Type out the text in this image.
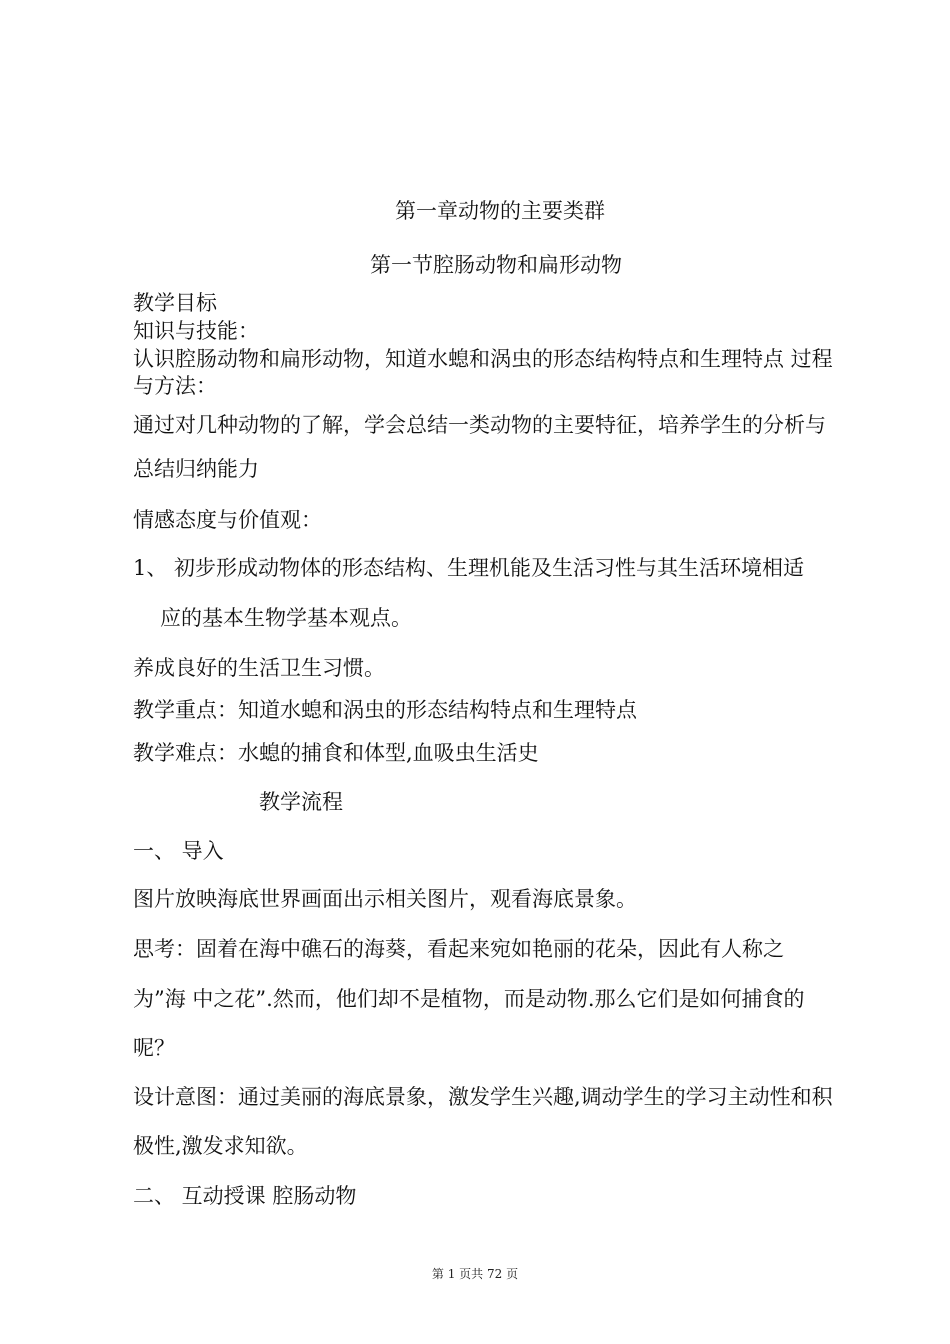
第一章动物的主要类群
第一节腔肠动物和扁形动物
教学目标
知识与技能：
认识腔肠动物和扁形动物，知道水螅和涡虫的形态结构特点和生理特点 过程
与方法：
通过对几种动物的了解，学会总结一类动物的主要特征，培养学生的分析与
总结归纳能力
情感态度与价值观：
1、 初步形成动物体的形态结构、生理机能及生活习性与其生活环境相适
应的基本生物学基本观点。
养成良好的生活卫生习惯。
教学重点：知道水螅和涡虫的形态结构特点和生理特点
教学难点：水螅的捕食和体型,血吸虫生活史
教学流程
一、 导入
图片放映海底世界画面出示相关图片，观看海底景象。
思考：固着在海中礁石的海葵，看起来宛如艳丽的花朵，因此有人称之
为”海 中之花”.然而，他们却不是植物，而是动物.那么它们是如何捕食的
呢？
设计意图：通过美丽的海底景象，激发学生兴趣,调动学生的学习主动性和积
极性,激发求知欲。
二、 互动授课 腔肠动物
第 1 页共 72 页
